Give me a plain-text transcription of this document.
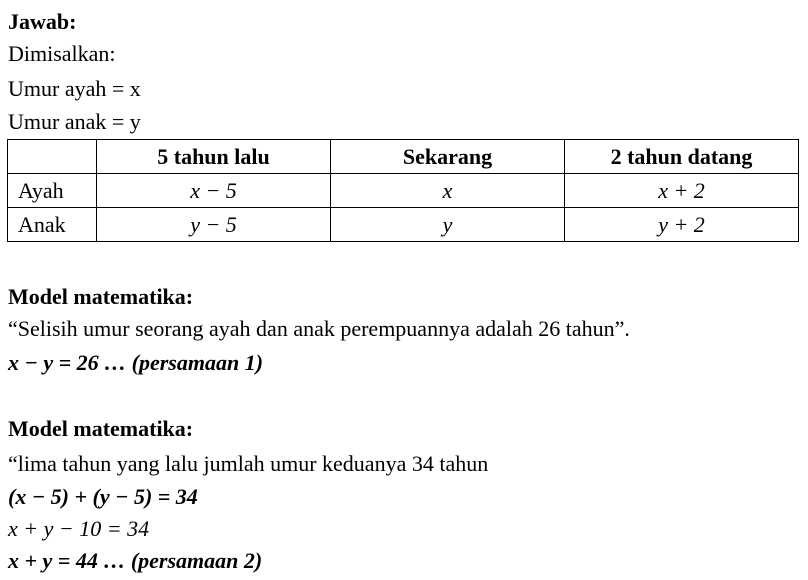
Jawab:
Dimisalkan:
Umur ayah = x
Umur anak = y
	5 tahun lalu	Sekarang	2 tahun datang
Ayah	x − 5	x	x + 2
Anak	y − 5	y	y + 2
Model matematika:
“Selisih umur seorang ayah dan anak perempuannya adalah 26 tahun”.
x − y = 26 … (persamaan 1)
Model matematika:
“lima tahun yang lalu jumlah umur keduanya 34 tahun
(x − 5) + (y − 5) = 34
x + y − 10 = 34
x + y = 44 … (persamaan 2)
